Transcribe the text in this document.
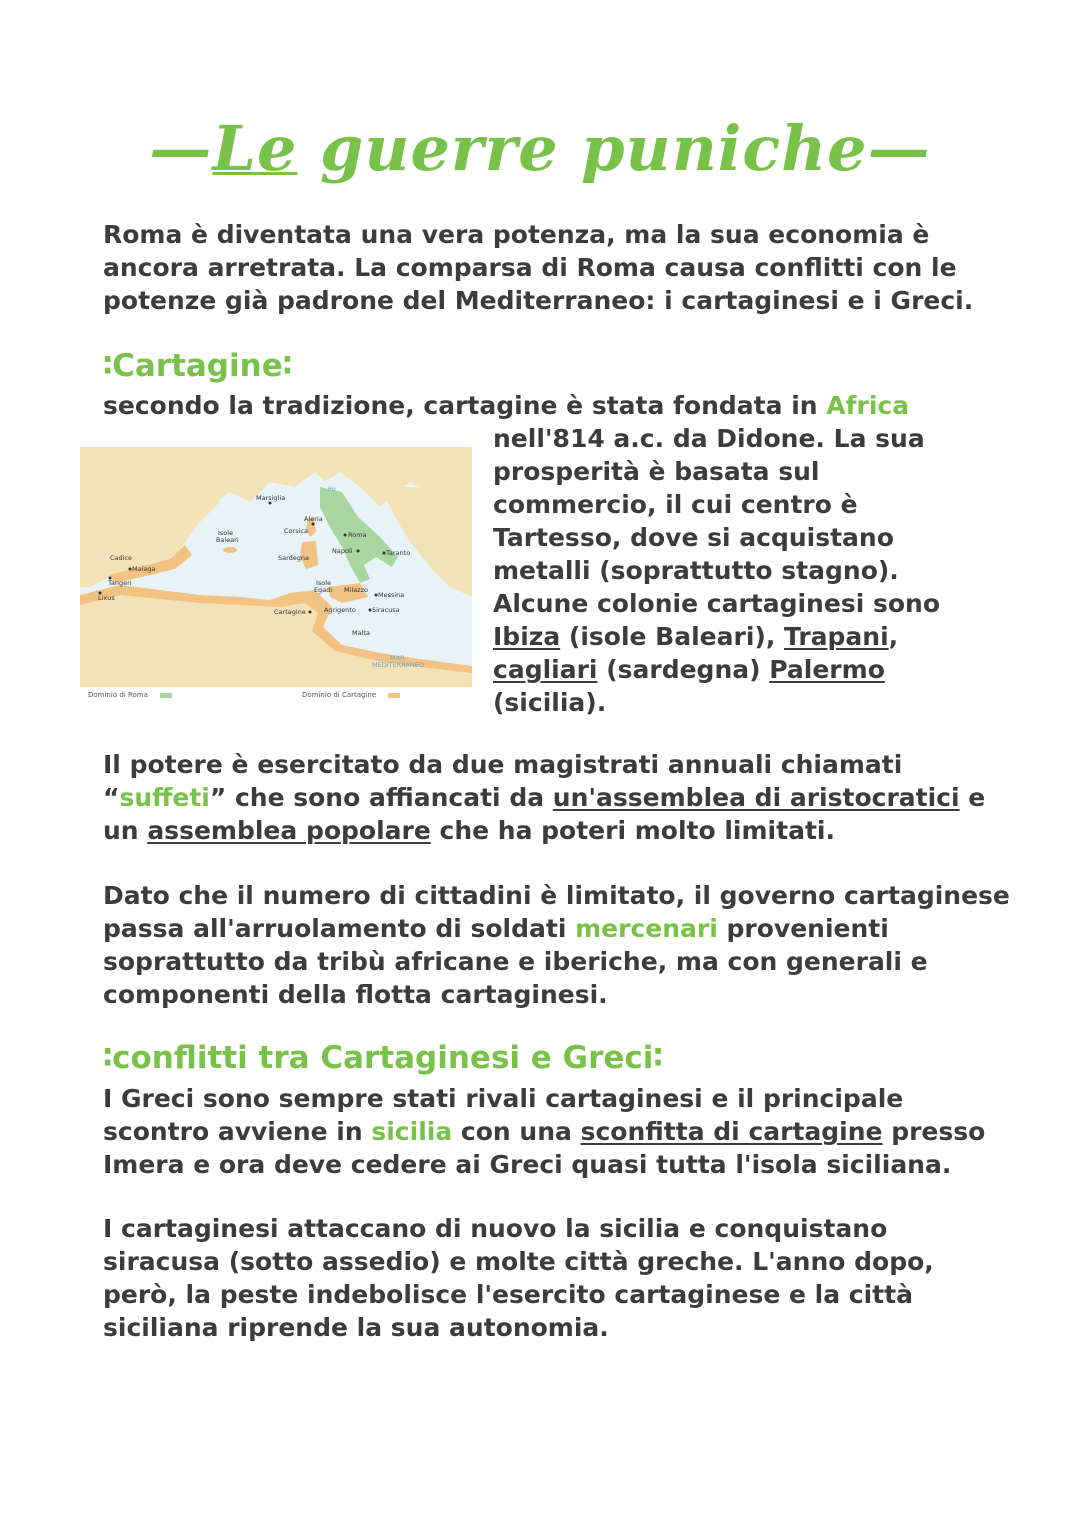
—Le guerre puniche—
Roma è diventata una vera potenza, ma la sua economia è
ancora arretrata. La comparsa di Roma causa conflitti con le
potenze già padrone del Mediterraneo: i cartaginesi e i Greci.
∶Cartagine∶
secondo la tradizione, cartagine è stata fondata in Africa
nell'814 a.c. da Didone. La sua
prosperità è basata sul
commercio, il cui centro è
Tartesso, dove si acquistano
metalli (soprattutto stagno).
Alcune colonie cartaginesi sono
Ibiza (isole Baleari), Trapani,
cagliari (sardegna) Palermo
(sicilia).
Marsiglia
Aleria
Corsica	Roma
Isole
Baleari
Sardegna
Napoli	Taranto
Cadice
Malaga
Tangeri
Lixus
Isole
Egadi Milazzo
Messina
Agrigento Siracusa
Cartagine
Malta
MAR
MEDITERRANEO
Po
Dominio di Roma	Dominio di Cartagine
Il potere è esercitato da due magistrati annuali chiamati
“suffeti” che sono affiancati da un'assemblea di aristocratici e
un assemblea popolare che ha poteri molto limitati.
Dato che il numero di cittadini è limitato, il governo cartaginese
passa all'arruolamento di soldati mercenari provenienti
soprattutto da tribù africane e iberiche, ma con generali e
componenti della flotta cartaginesi.
∶conflitti tra Cartaginesi e Greci∶
I Greci sono sempre stati rivali cartaginesi e il principale
scontro avviene in sicilia con una sconfitta di cartagine presso
Imera e ora deve cedere ai Greci quasi tutta l'isola siciliana.
I cartaginesi attaccano di nuovo la sicilia e conquistano
siracusa (sotto assedio) e molte città greche. L'anno dopo,
però, la peste indebolisce l'esercito cartaginese e la città
siciliana riprende la sua autonomia.
